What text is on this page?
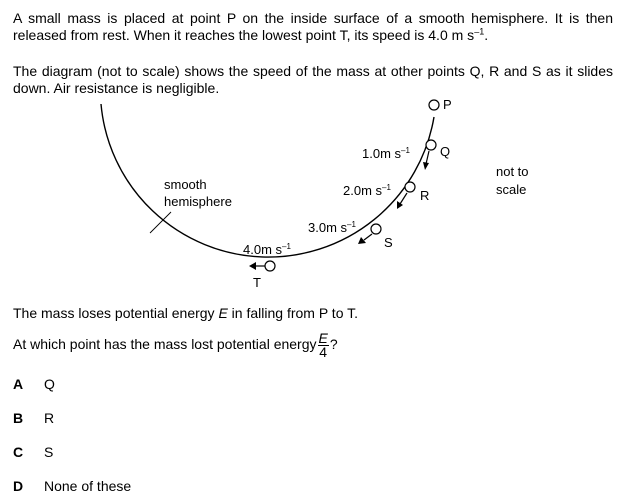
A small mass is placed at point P on the inside surface of a smooth hemisphere. It is then released from rest. When it reaches the lowest point T, its speed is 4.0 m $s^{-1}$.

The diagram (not to scale) shows the speed of the mass at other points Q, R and S as it slides down. Air resistance is negligible.

P
Q
1.0m $s^{-1}$
R
2.0m $s^{-1}$
S
3.0m $s^{-1}$
T
4.0m $s^{-1}$
smooth
hemisphere
not to
scale
The mass loses potential energy E in falling from P to T.
At which point has the mass lost potential energy $\frac{E}{4}$ ?
A Q
B R
C S
D None of these
